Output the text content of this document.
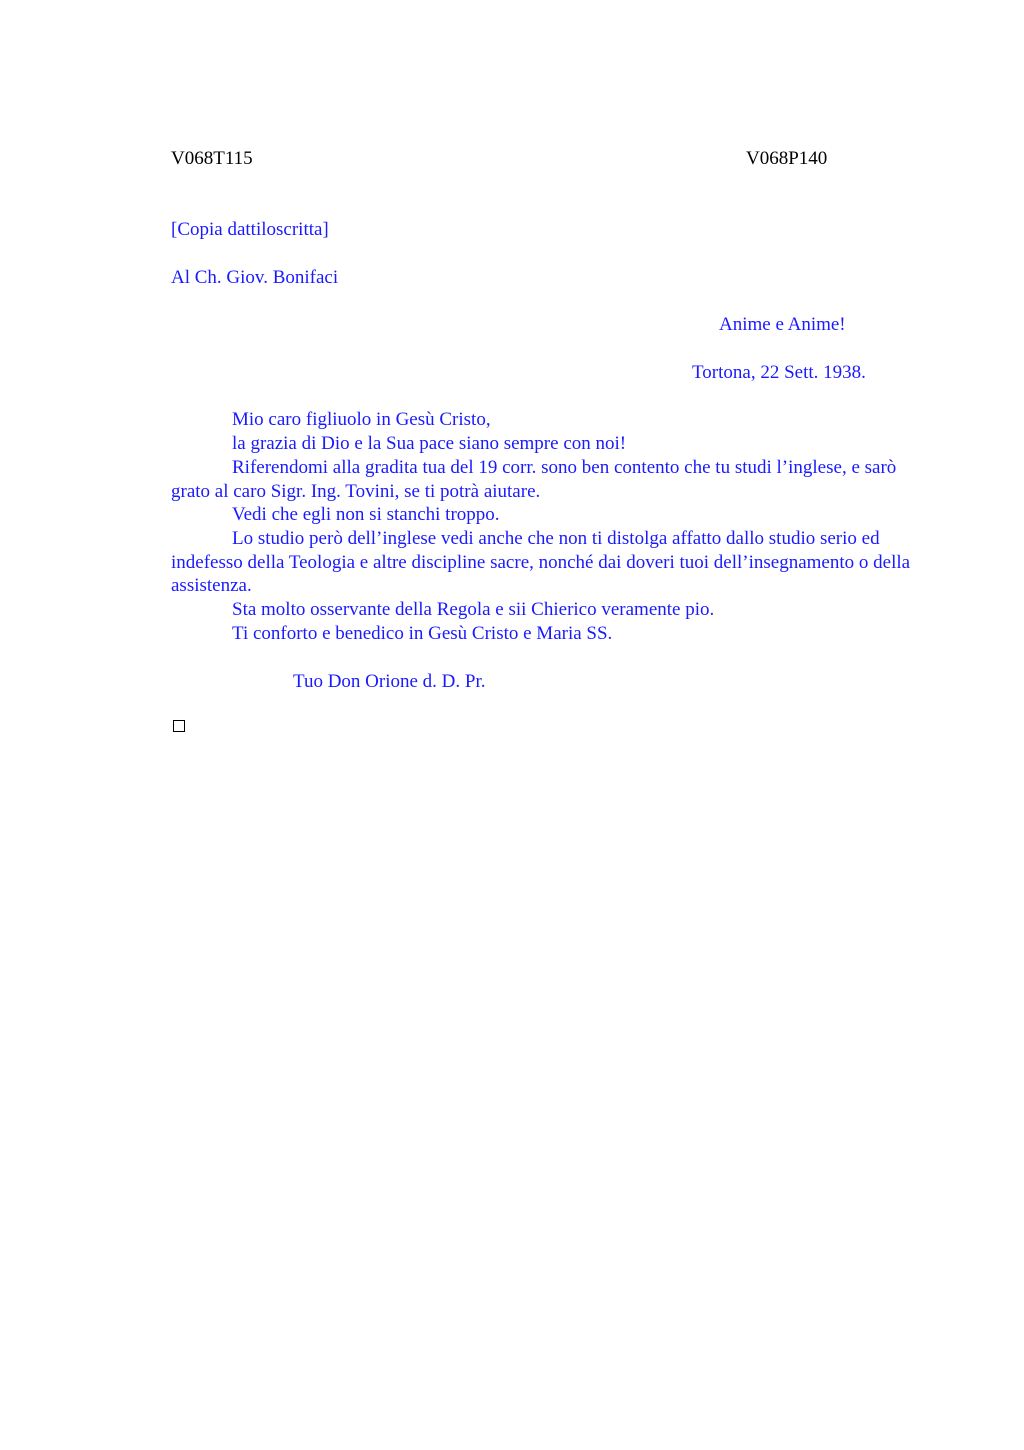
V068T115	V068P140
[Copia dattiloscritta]
Al Ch. Giov. Bonifaci
Anime e Anime!
Tortona, 22 Sett. 1938.
Mio caro figliuolo in Gesù Cristo,
la grazia di Dio e la Sua pace siano sempre con noi!
Riferendomi alla gradita tua del 19 corr. sono ben contento che tu studi l’inglese, e sarò grato al caro Sigr. Ing. Tovini, se ti potrà aiutare.
Vedi che egli non si stanchi troppo.
Lo studio però dell’inglese vedi anche che non ti distolga affatto dallo studio serio ed indefesso della Teologia e altre discipline sacre, nonché dai doveri tuoi dell’insegnamento o della assistenza.
Sta molto osservante della Regola e sii Chierico veramente pio.
Ti conforto e benedico in Gesù Cristo e Maria SS.
Tuo Don Orione d. D. Pr.
